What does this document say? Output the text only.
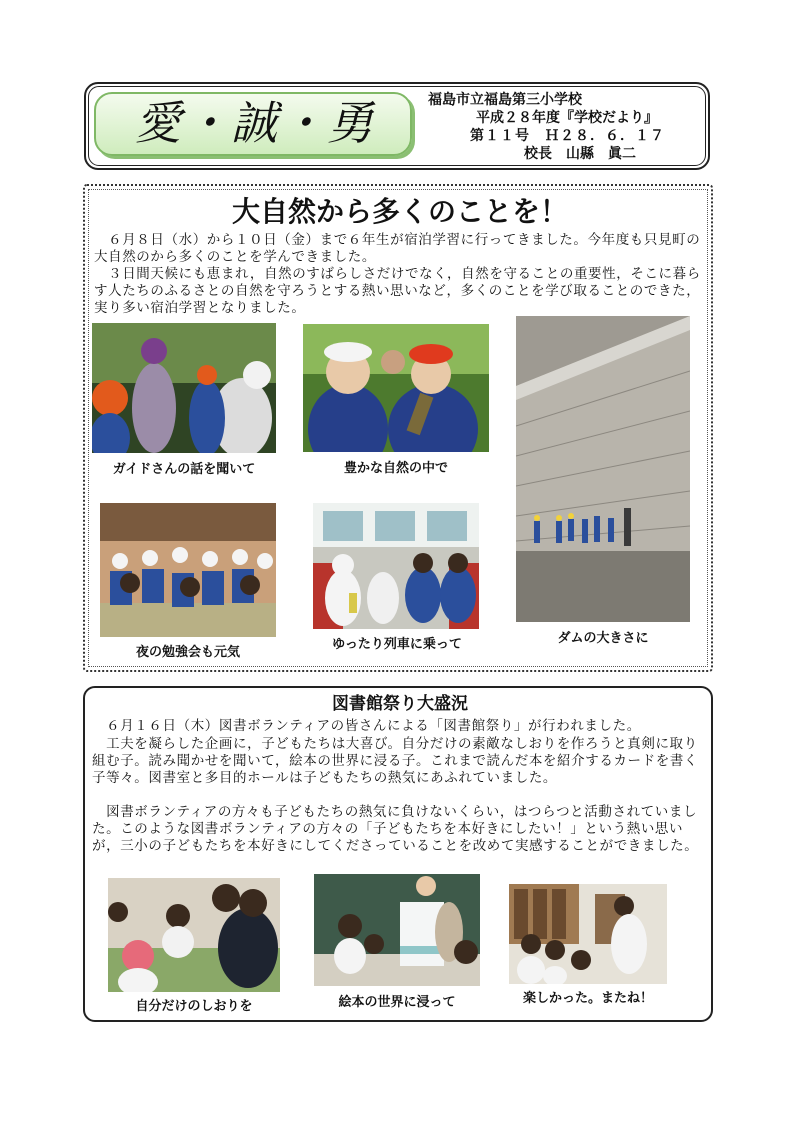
愛・誠・勇	福島市立福島第三小学校
平成２８年度『学校だより』
第１１号　Ｈ２８．６．１７
校長　山縣　眞二
大自然から多くのことを！
　６月８日（水）から１０日（金）まで６年生が宿泊学習に行ってきました。今年度も只見町の大自然のから多くのことを学んできました。
　３日間天候にも恵まれ，自然のすばらしさだけでなく，自然を守ることの重要性，そこに暮らす人たちのふるさとの自然を守ろうとする熱い思いなど，多くのことを学び取ることのできた，実り多い宿泊学習となりました。
ガイドさんの話を聞いて	豊かな自然の中で
ダムの大きさに
夜の勉強会も元気
ゆったり列車に乗って
図書館祭り大盛況
　６月１６日（木）図書ボランティアの皆さんによる「図書館祭り」が行われました。
　工夫を凝らした企画に，子どもたちは大喜び。自分だけの素敵なしおりを作ろうと真剣に取り組む子。読み聞かせを聞いて，絵本の世界に浸る子。これまで読んだ本を紹介するカードを書く子等々。図書室と多目的ホールは子どもたちの熱気にあふれていました。
　図書ボランティアの方々も子どもたちの熱気に負けないくらい，はつらつと活動されていました。このような図書ボランティアの方々の「子どもたちを本好きにしたい！」という熱い思いが，三小の子どもたちを本好きにしてくださっていることを改めて実感することができました。
自分だけのしおりを	絵本の世界に浸って	楽しかった。またね！
